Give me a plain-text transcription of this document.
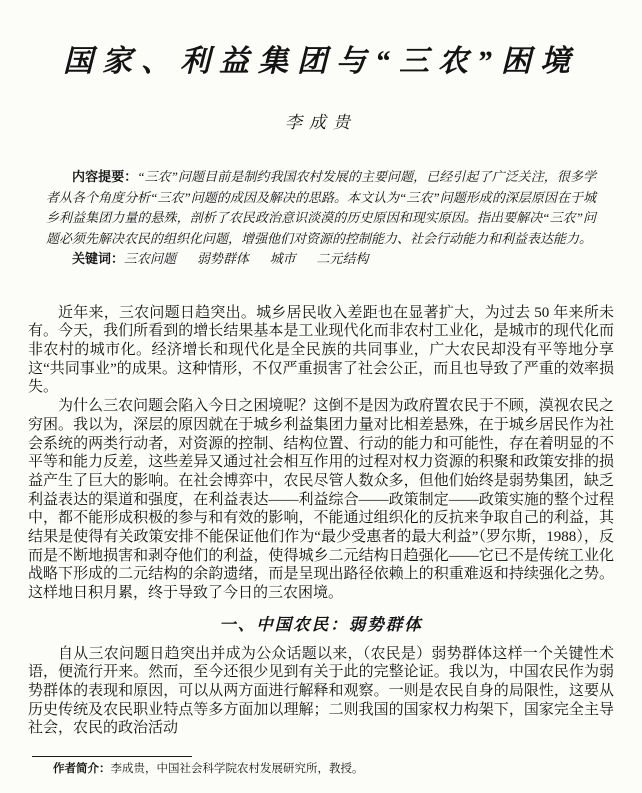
国家、利益集团与“三农”困境
李成贵
内容提要：“三农”问题目前是制约我国农村发展的主要问题，已经引起了广泛关注，很多学者从各个角度分析“三农”问题的成因及解决的思路。本文认为“三农”问题形成的深层原因在于城乡利益集团力量的悬殊，剖析了农民政治意识淡漠的历史原因和现实原因。指出要解决“三农”问题必须先解决农民的组织化问题，增强他们对资源的控制能力、社会行动能力和利益表达能力。
关键词：三农问题 弱势群体 城市 二元结构

近年来，三农问题日趋突出。城乡居民收入差距也在显著扩大，为过去 50 年来所未有。今天，我们所看到的增长结果基本是工业现代化而非农村工业化，是城市的现代化而非农村的城市化。经济增长和现代化是全民族的共同事业，广大农民却没有平等地分享这“共同事业”的成果。这种情形，不仅严重损害了社会公正，而且也导致了严重的效率损失。

为什么三农问题会陷入今日之困境呢？这倒不是因为政府置农民于不顾，漠视农民之穷困。我以为，深层的原因就在于城乡利益集团力量对比相差悬殊，在于城乡居民作为社会系统的两类行动者，对资源的控制、结构位置、行动的能力和可能性，存在着明显的不平等和能力反差，这些差异又通过社会相互作用的过程对权力资源的积聚和政策安排的损益产生了巨大的影响。在社会博弈中，农民尽管人数众多，但他们始终是弱势集团，缺乏利益表达的渠道和强度，在利益表达——利益综合——政策制定——政策实施的整个过程中，都不能形成积极的参与和有效的影响，不能通过组织化的反抗来争取自己的利益，其结果是使得有关政策安排不能保证他们作为“最少受惠者的最大利益”（罗尔斯，1988），反而是不断地损害和剥夺他们的利益，使得城乡二元结构日趋强化——它已不是传统工业化战略下形成的二元结构的余韵遗绪，而是呈现出路径依赖上的积重难返和持续强化之势。这样地日积月累，终于导致了今日的三农困境。

一、中国农民：弱势群体

自从三农问题日趋突出并成为公众话题以来，（农民是）弱势群体这样一个关键性术语，便流行开来。然而，至今还很少见到有关于此的完整论证。我以为，中国农民作为弱势群体的表现和原因，可以从两方面进行解释和观察。一则是农民自身的局限性，这要从历史传统及农民职业特点等多方面加以理解；二则我国的国家权力构架下，国家完全主导社会，农民的政治活动

作者简介：李成贵，中国社会科学院农村发展研究所，教授。
